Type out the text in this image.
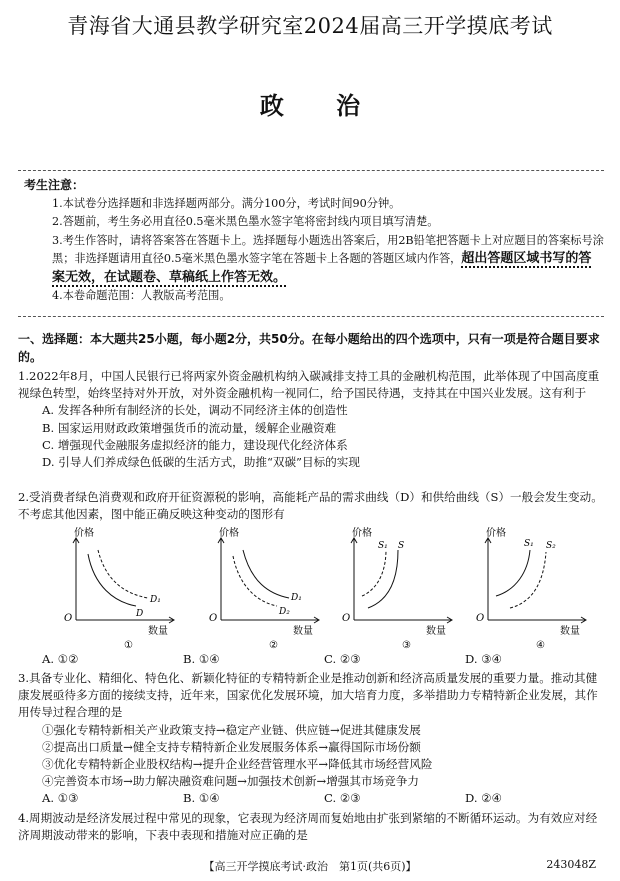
青海省大通县教学研究室2024届高三开学摸底考试
政 治
考生注意：
1.本试卷分选择题和非选择题两部分。满分100分，考试时间90分钟。
2.答题前，考生务必用直径0.5毫米黑色墨水签字笔将密封线内项目填写清楚。
3.考生作答时，请将答案答在答题卡上。选择题每小题选出答案后，用2B铅笔把答题卡上对应题目的答案标号涂黑；非选择题请用直径0.5毫米黑色墨水签字笔在答题卡上各题的答题区域内作答，超出答题区域书写的答案无效，在试题卷、草稿纸上作答无效。
4.本卷命题范围：人教版高考范围。
一、选择题：本大题共25小题，每小题2分，共50分。在每小题给出的四个选项中，只有一项是符合题目要求的。

1.2022年8月，中国人民银行已将两家外资金融机构纳入碳减排支持工具的金融机构范围，此举体现了中国高度重视绿色转型，始终坚持对外开放，对外资金融机构一视同仁，给予国民待遇，支持其在中国兴业发展。这有利于

A. 发挥各种所有制经济的长处，调动不同经济主体的创造性

B. 国家运用财政政策增强货币的流动量，缓解企业融资难

C. 增强现代金融服务虚拟经济的能力，建设现代化经济体系

D. 引导人们养成绿色低碳的生活方式，助推“双碳”目标的实现

2.受消费者绿色消费观和政府开征资源税的影响，高能耗产品的需求曲线（D）和供给曲线（S）一般会发生变动。不考虑其他因素，图中能正确反映这种变动的图形有

价格
O
数量
D
D₁
①
价格
O
数量
D₁
D₂
②
价格
O
数量
S₁ S
③
价格
O
数量
S₁ S₂
④
A. ①②	B. ①④	C. ②③	D. ③④

3.具备专业化、精细化、特色化、新颖化特征的专精特新企业是推动创新和经济高质量发展的重要力量。推动其健康发展亟待多方面的接续支持，近年来，国家优化发展环境，加大培育力度，多举措助力专精特新企业发展，其作用传导过程合理的是

①强化专精特新相关产业政策支持→稳定产业链、供应链→促进其健康发展

②提高出口质量→健全支持专精特新企业发展服务体系→赢得国际市场份额

③优化专精特新企业股权结构→提升企业经营管理水平→降低其市场经营风险

④完善资本市场→助力解决融资难问题→加强技术创新→增强其市场竞争力

A. ①③	B. ①④	C. ②③	D. ②④

4.周期波动是经济发展过程中常见的现象，它表现为经济周而复始地由扩张到紧缩的不断循环运动。为有效应对经济周期波动带来的影响，下表中表现和措施对应正确的是

【高三开学摸底考试·政治　第1页(共6页)】	243048Z
